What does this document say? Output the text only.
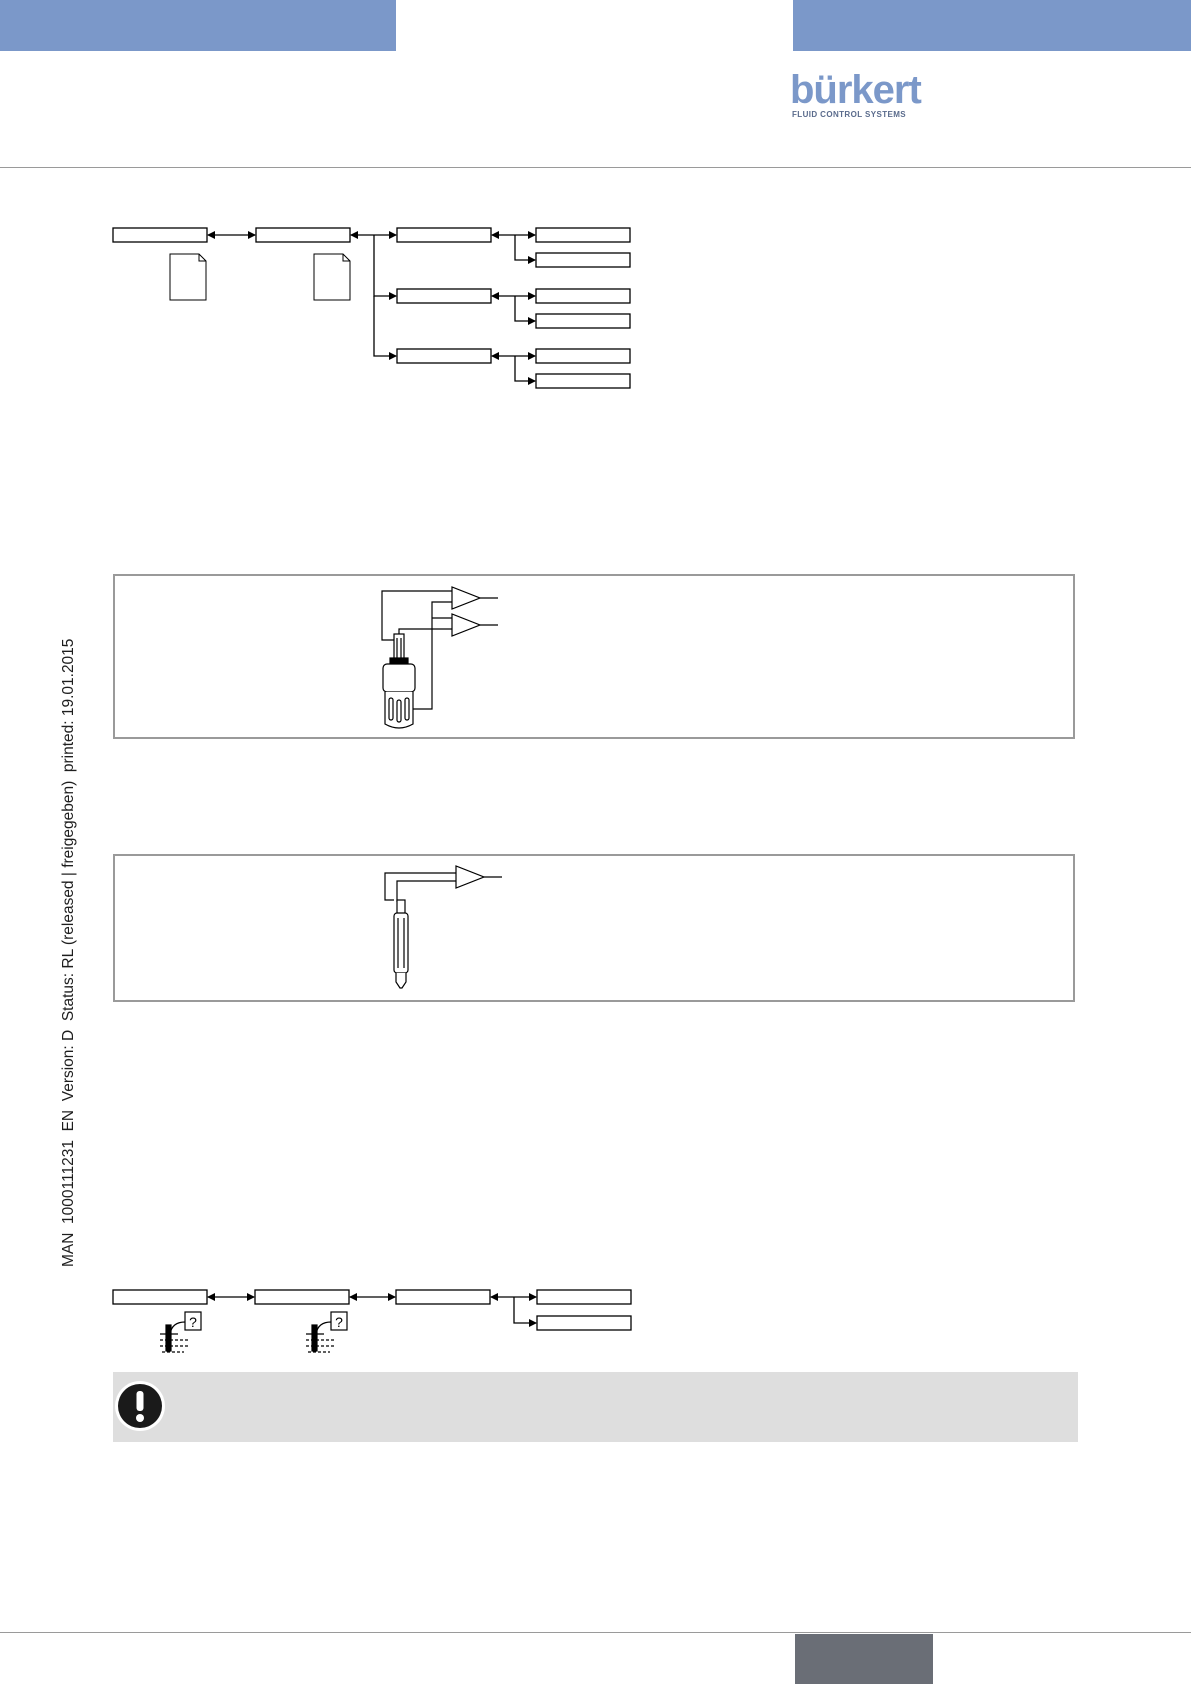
bürkert
FLUID CONTROL SYSTEMS
MAN  1000111231  EN  Version: D  Status: RL (released | freigegeben)  printed: 19.01.2015
?	?
